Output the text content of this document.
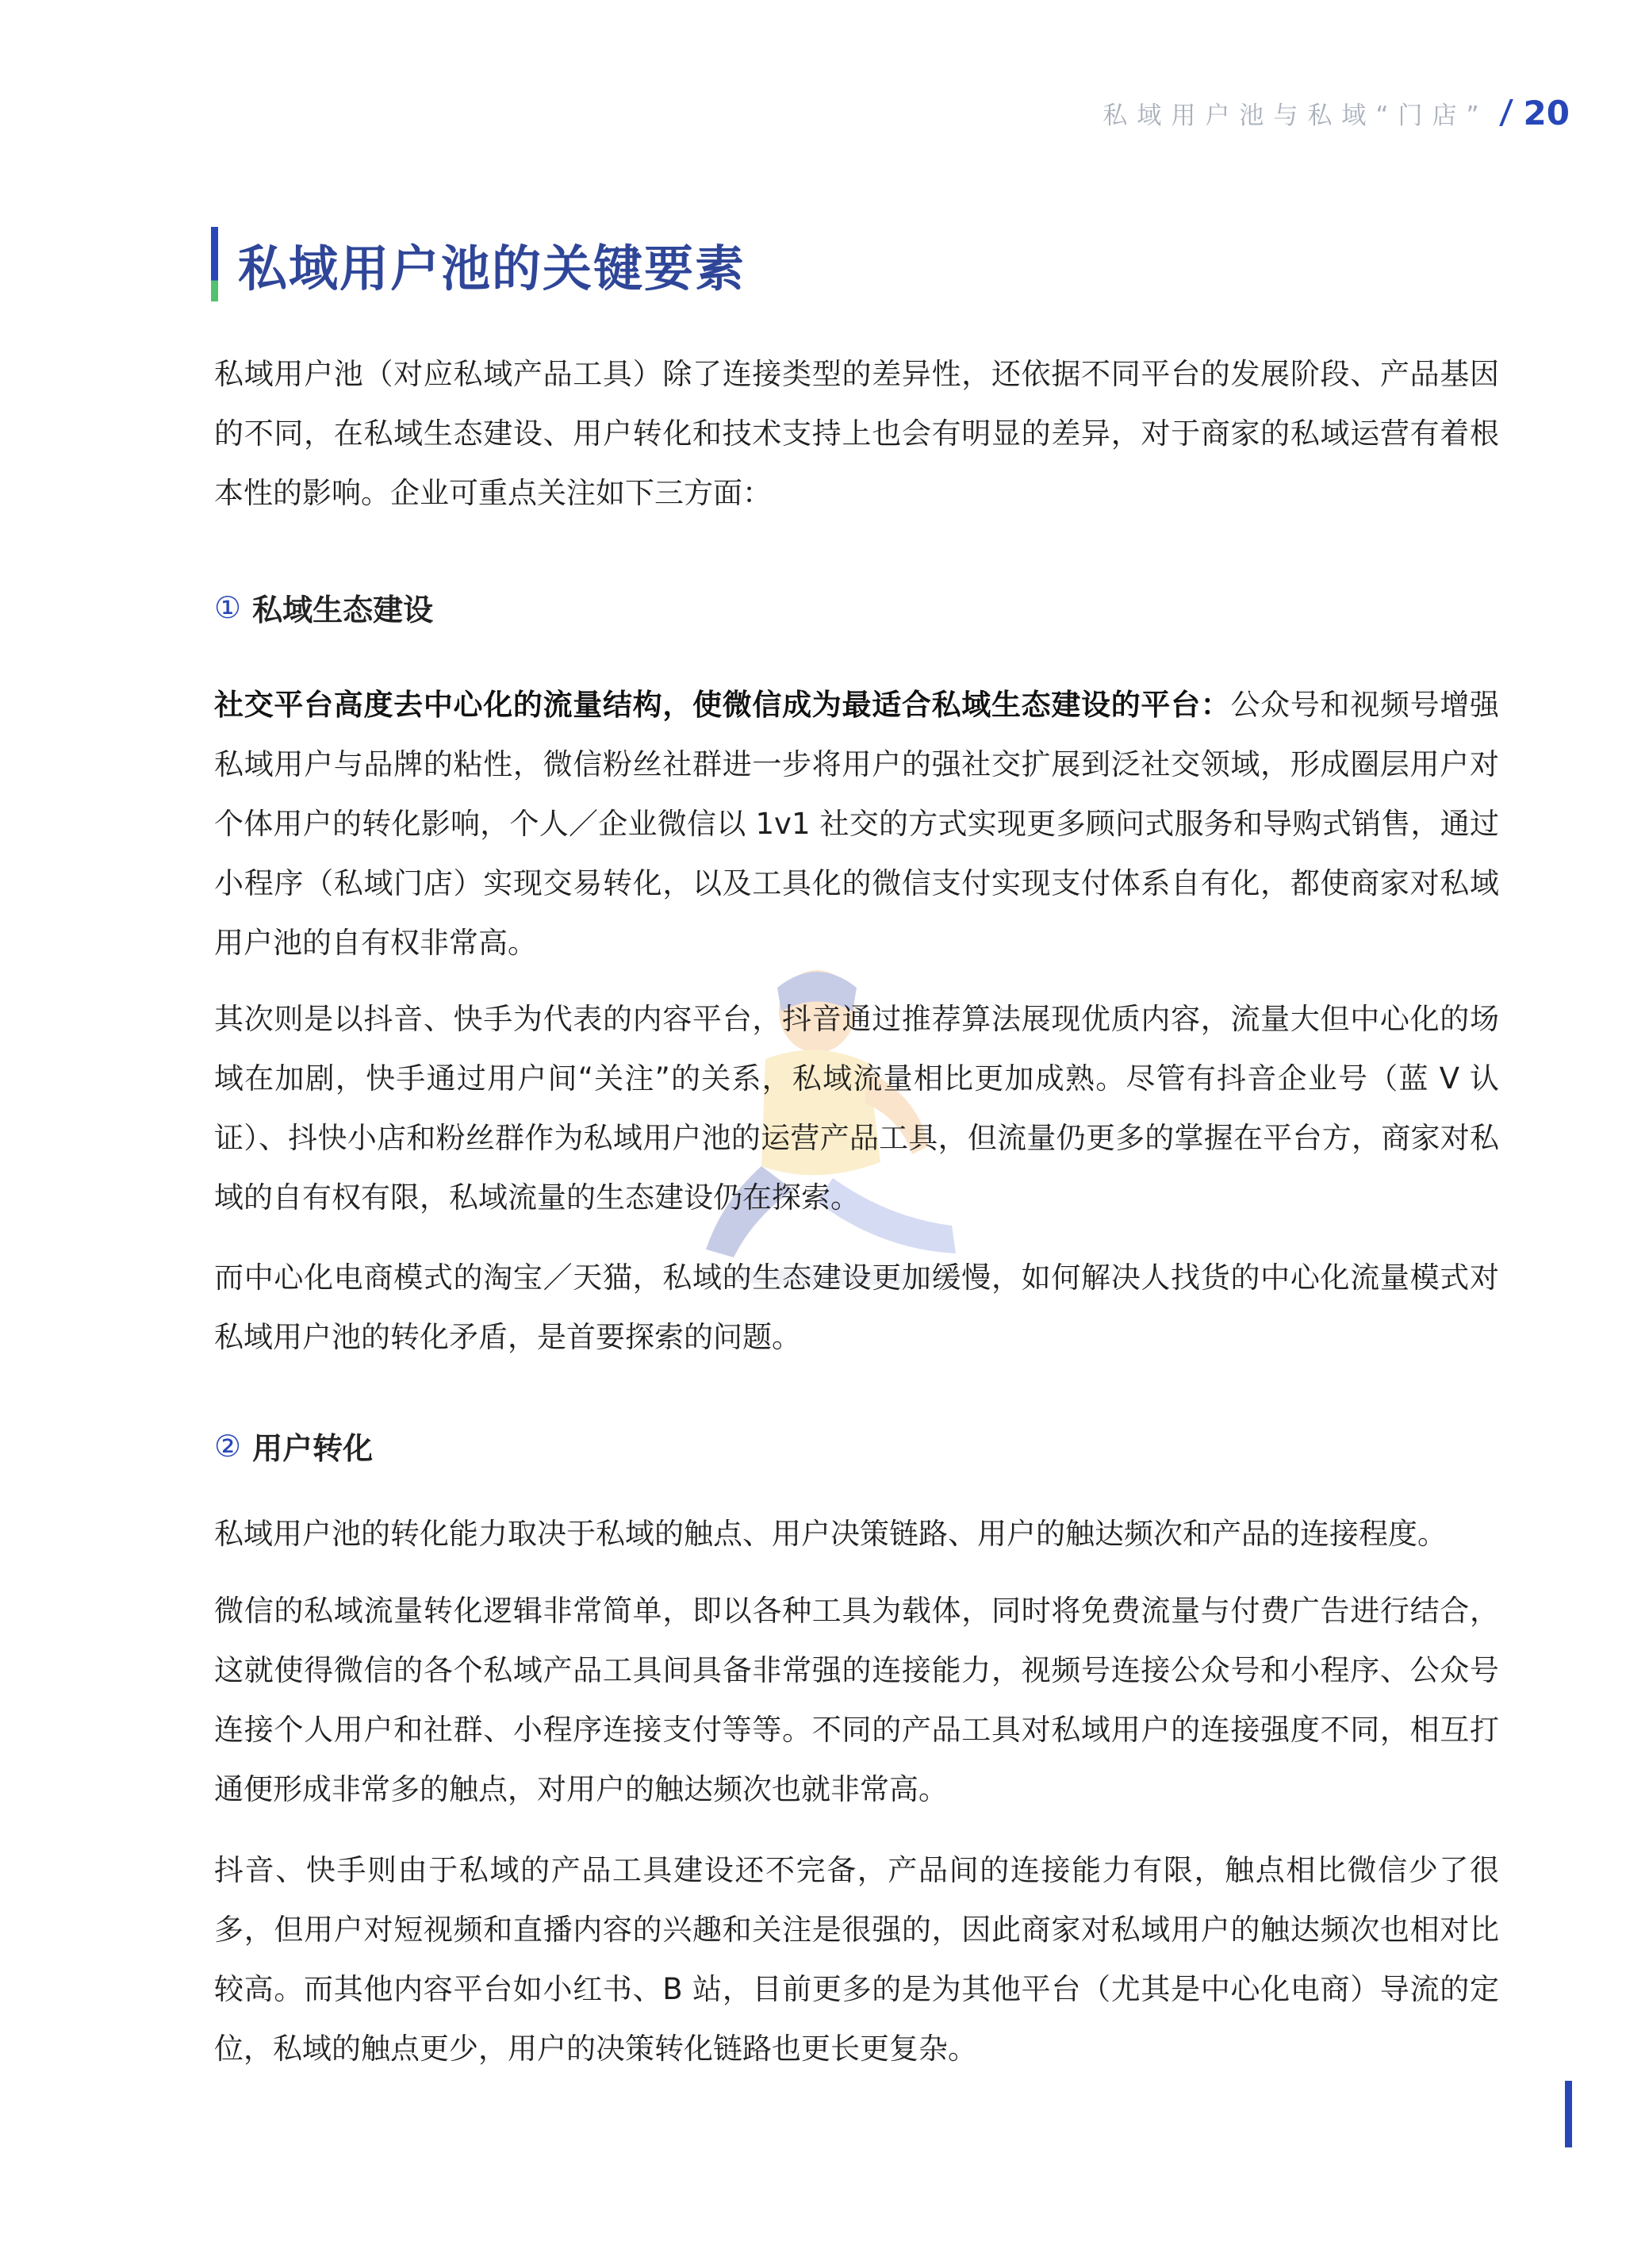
私域用户池与私域“门店” 20
私域用户池的关键要素

私域用户池（对应私域产品工具）除了连接类型的差异性，还依据不同平台的发展阶段、产品基因的不同，在私域生态建设、用户转化和技术支持上也会有明显的差异，对于商家的私域运营有着根本性的影响。企业可重点关注如下三方面：

① 私域生态建设

社交平台高度去中心化的流量结构，使微信成为最适合私域生态建设的平台：公众号和视频号增强私域用户与品牌的粘性，微信粉丝社群进一步将用户的强社交扩展到泛社交领域，形成圈层用户对个体用户的转化影响，个人／企业微信以 1v1 社交的方式实现更多顾问式服务和导购式销售，通过小程序（私域门店）实现交易转化，以及工具化的微信支付实现支付体系自有化，都使商家对私域用户池的自有权非常高。

其次则是以抖音、快手为代表的内容平台，抖音通过推荐算法展现优质内容，流量大但中心化的场域在加剧，快手通过用户间“关注”的关系，私域流量相比更加成熟。尽管有抖音企业号（蓝 V 认证）、抖快小店和粉丝群作为私域用户池的运营产品工具，但流量仍更多的掌握在平台方，商家对私域的自有权有限，私域流量的生态建设仍在探索。

而中心化电商模式的淘宝／天猫，私域的生态建设更加缓慢，如何解决人找货的中心化流量模式对私域用户池的转化矛盾，是首要探索的问题。

② 用户转化

私域用户池的转化能力取决于私域的触点、用户决策链路、用户的触达频次和产品的连接程度。

微信的私域流量转化逻辑非常简单，即以各种工具为载体，同时将免费流量与付费广告进行结合，这就使得微信的各个私域产品工具间具备非常强的连接能力，视频号连接公众号和小程序、公众号连接个人用户和社群、小程序连接支付等等。不同的产品工具对私域用户的连接强度不同，相互打通便形成非常多的触点，对用户的触达频次也就非常高。

抖音、快手则由于私域的产品工具建设还不完备，产品间的连接能力有限，触点相比微信少了很多，但用户对短视频和直播内容的兴趣和关注是很强的，因此商家对私域用户的触达频次也相对比较高。而其他内容平台如小红书、B 站，目前更多的是为其他平台（尤其是中心化电商）导流的定位，私域的触点更少，用户的决策转化链路也更长更复杂。
